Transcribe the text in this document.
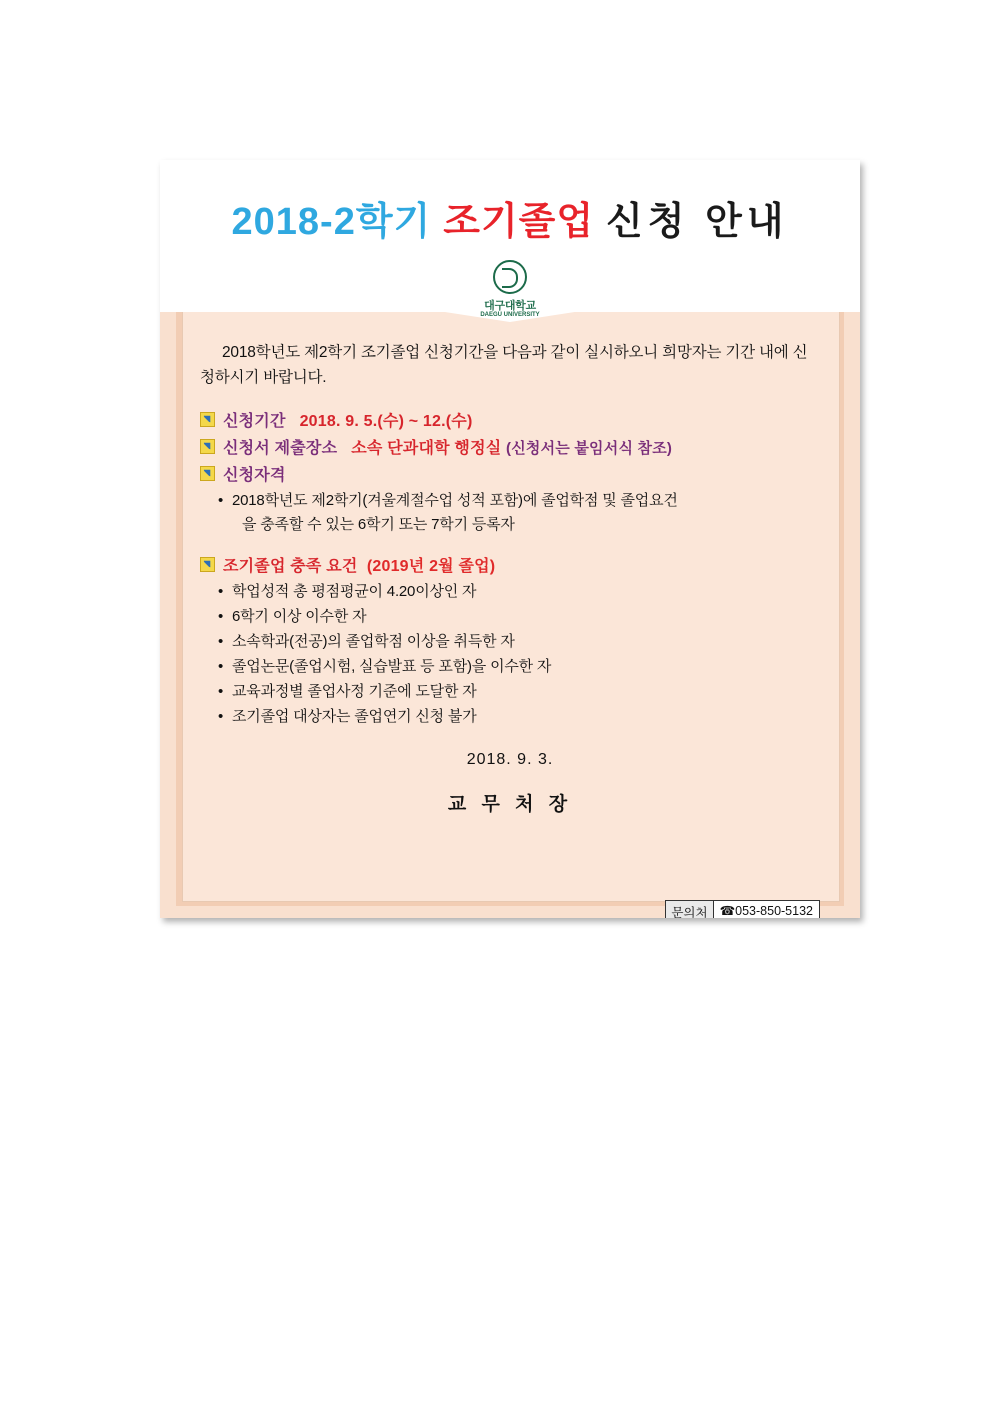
2018-2학기 조기졸업 신청 안내
대구대학교
DAEGU UNIVERSITY

2018학년도 제2학기 조기졸업 신청기간을 다음과 같이 실시하오니 희망자는 기간 내에 신청하시기 바랍니다.

신청기간 2018. 9. 5.(수) ~ 12.(수)
신청서 제출장소 소속 단과대학 행정실 (신청서는 붙임서식 참조)
신청자격
• 2018학년도 제2학기(겨울계절수업 성적 포함)에 졸업학점 및 졸업요건
을 충족할 수 있는 6학기 또는 7학기 등록자
조기졸업 충족 요건 (2019년 2월 졸업)
• 학업성적 총 평점평균이 4.20이상인 자
• 6학기 이상 이수한 자
• 소속학과(전공)의 졸업학점 이상을 취득한 자
• 졸업논문(졸업시험, 실습발표 등 포함)을 이수한 자
• 교육과정별 졸업사정 기준에 도달한 자
• 조기졸업 대상자는 졸업연기 신청 불가
문의처 ☎053-850-5132
2018. 9. 3.
교 무 처 장
